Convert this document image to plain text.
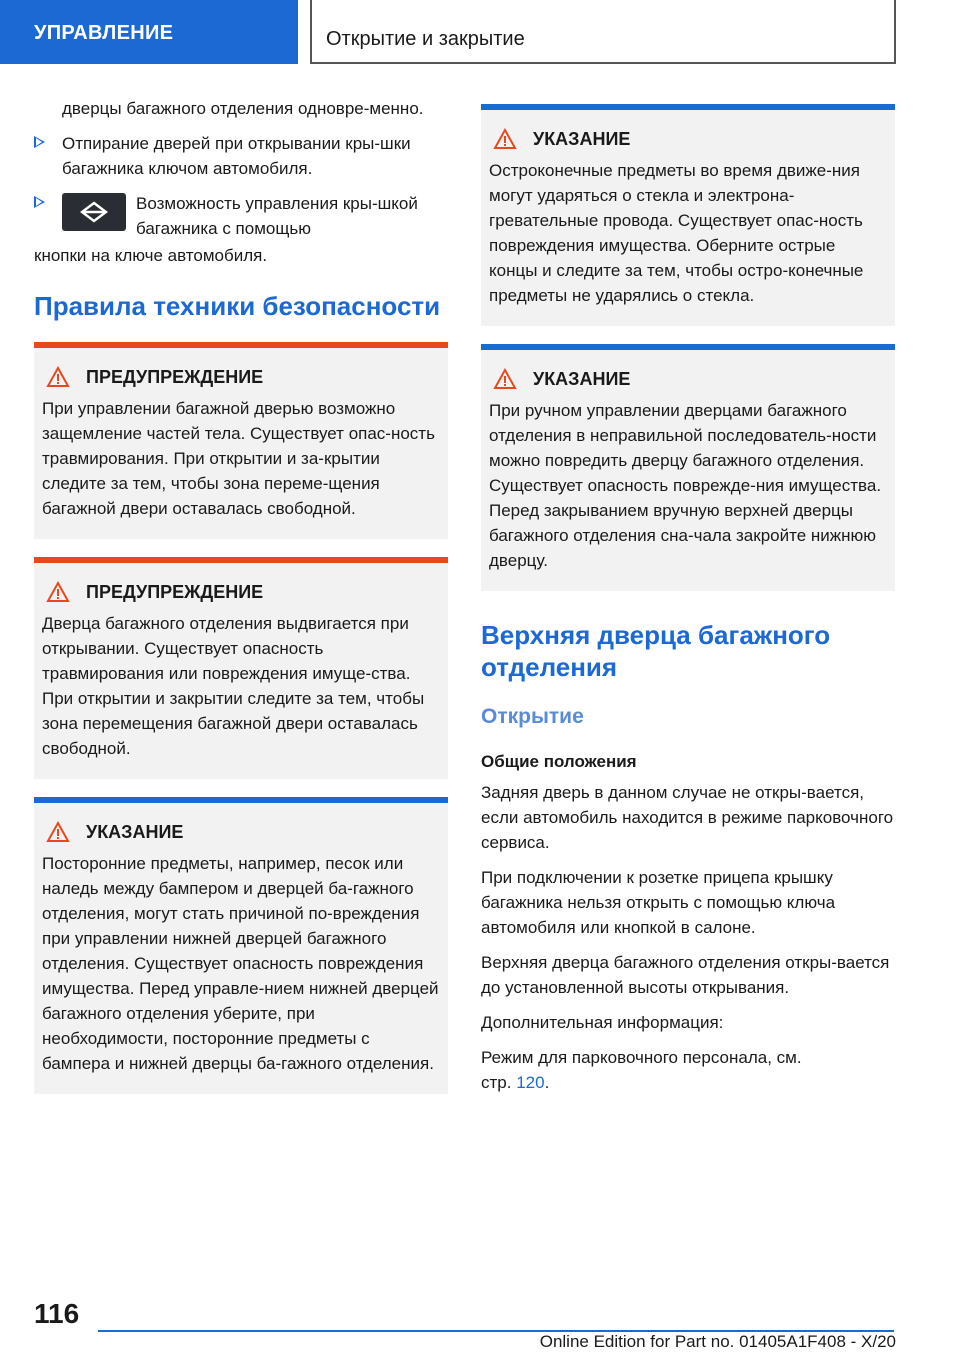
УПРАВЛЕНИЕ	Открытие и закрытие

дверцы багажного отделения одновре-менно.

Отпирание дверей при открывании кры-шки багажника ключом автомобиля.

Возможность управления кры-шкой багажника с помощью

кнопки на ключе автомобиля.

Правила техники безопасности
ПРЕДУПРЕЖДЕНИЕ

При управлении багажной дверью возможно защемление частей тела. Существует опас-ность травмирования. При открытии и за-крытии следите за тем, чтобы зона переме-щения багажной двери оставалась свободной.

ПРЕДУПРЕЖДЕНИЕ

Дверца багажного отделения выдвигается при открывании. Существует опасность травмирования или повреждения имуще-ства. При открытии и закрытии следите за тем, чтобы зона перемещения багажной двери оставалась свободной.

УКАЗАНИЕ

Посторонние предметы, например, песок или наледь между бампером и дверцей ба-гажного отделения, могут стать причиной по-вреждения при управлении нижней дверцей багажного отделения. Существует опасность повреждения имущества. Перед управле-нием нижней дверцей багажного отделения уберите, при необходимости, посторонние предметы с бампера и нижней дверцы ба-гажного отделения.

УКАЗАНИЕ

Остроконечные предметы во время движе-ния могут ударяться о стекла и электрона-гревательные провода. Существует опас-ность повреждения имущества. Оберните острые концы и следите за тем, чтобы остро-конечные предметы не ударялись о стекла.

УКАЗАНИЕ

При ручном управлении дверцами багажного отделения в неправильной последователь-ности можно повредить дверцу багажного отделения. Существует опасность поврежде-ния имущества. Перед закрыванием вручную верхней дверцы багажного отделения сна-чала закройте нижнюю дверцу.

Верхняя дверца багажного отделения
Открытие
Общие положения

Задняя дверь в данном случае не откры-вается, если автомобиль находится в режиме парковочного сервиса.

При подключении к розетке прицепа крышку багажника нельзя открыть с помощью ключа автомобиля или кнопкой в салоне.

Верхняя дверца багажного отделения откры-вается до установленной высоты открывания.

Дополнительная информация:

Режим для парковочного персонала, см.

стр. 120.

116
Online Edition for Part no. 01405A1F408 - X/20
